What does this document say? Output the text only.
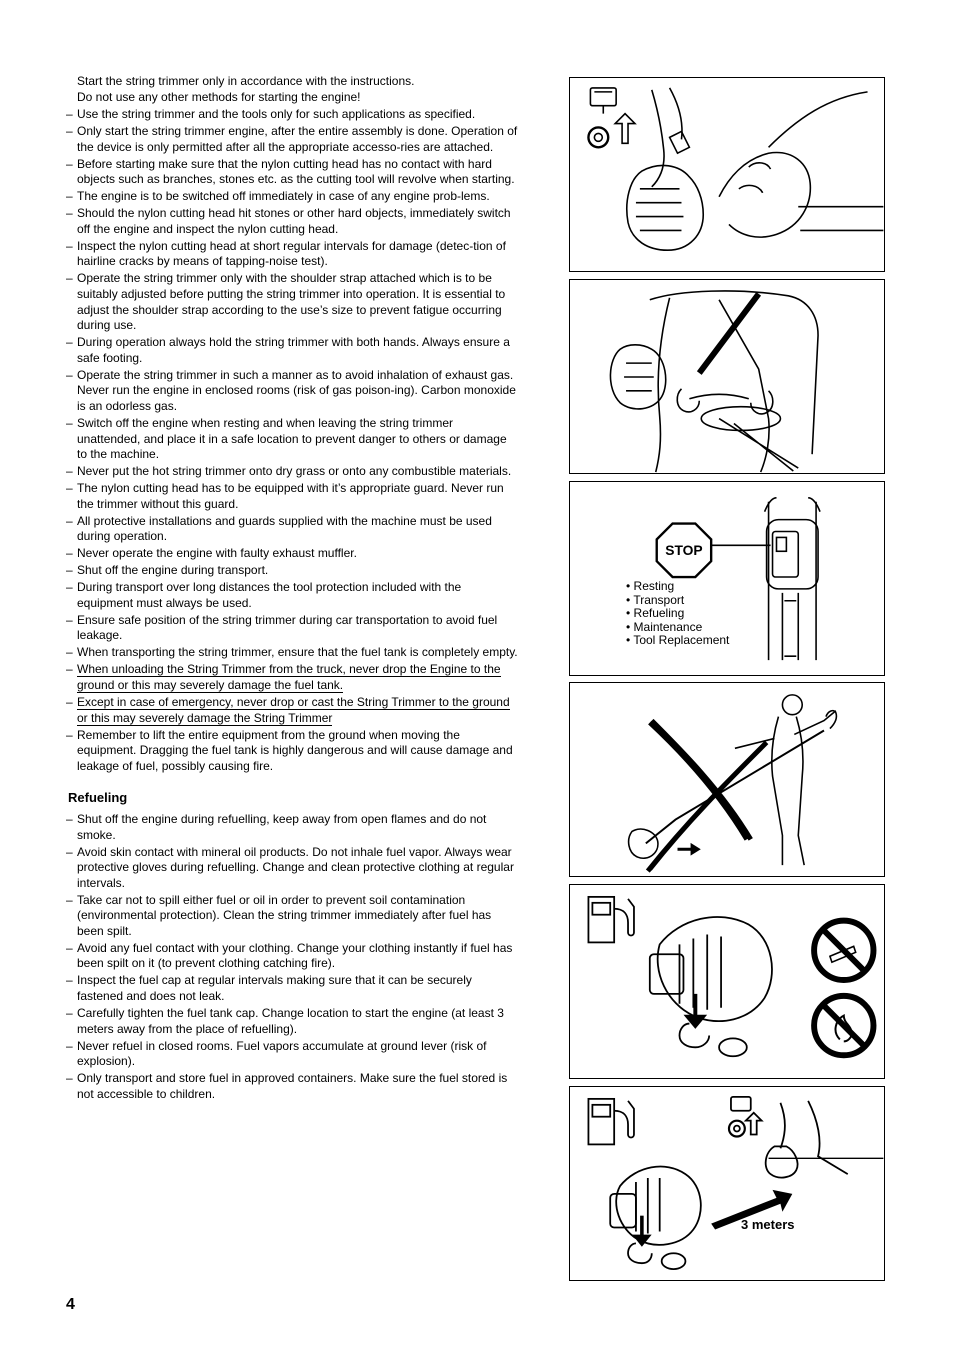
Start the string trimmer only in accordance with the instructions.
Do not use any other methods for starting the engine!
– Use the string trimmer and the tools only for such applications as specified.
– Only start the string trimmer engine, after the entire assembly is done. Operation of the device is only permitted after all the appropriate accesso-ries are attached.
– Before starting make sure that the nylon cutting head has no contact with hard objects such as branches, stones etc. as the cutting tool will revolve when starting.
– The engine is to be switched off immediately in case of any engine prob-lems.
– Should the nylon cutting head hit stones or other hard objects, immediately switch off the engine and inspect the nylon cutting head.
– Inspect the nylon cutting head at short regular intervals for damage (detec-tion of hairline cracks by means of tapping-noise test).
– Operate the string trimmer only with the shoulder strap attached which is to be suitably adjusted before putting the string trimmer into operation. It is essential to adjust the shoulder strap according to the use’s size to prevent fatigue occurring during use.
– During operation always hold the string trimmer with both hands. Always ensure a safe footing.
– Operate the string trimmer in such a manner as to avoid inhalation of exhaust gas. Never run the engine in enclosed rooms (risk of gas poison-ing). Carbon monoxide is an odorless gas.
– Switch off the engine when resting and when leaving the string trimmer unattended, and place it in a safe location to prevent danger to others or damage to the machine.
– Never put the hot string trimmer onto dry grass or onto any combustible materials.
– The nylon cutting head has to be equipped with it’s appropriate guard. Never run the trimmer without this guard.
– All protective installations and guards supplied with the machine must be used during operation.
– Never operate the engine with faulty exhaust muffler.
– Shut off the engine during transport.
– During transport over long distances the tool protection included with the equipment must always be used.
– Ensure safe position of the string trimmer during car transportation to avoid fuel leakage.
– When transporting the string trimmer, ensure that the fuel tank is completely empty.
– When unloading the String Trimmer from the truck, never drop the Engine to the ground or this may severely damage the fuel tank.
– Except in case of emergency, never drop or cast the String Trimmer to the ground or this may severely damage the String Trimmer
– Remember to lift the entire equipment from the ground when moving the equipment. Dragging the fuel tank is highly dangerous and will cause damage and leakage of fuel, possibly causing fire.
Refueling
– Shut off the engine during refuelling, keep away from open flames and do not smoke.
– Avoid skin contact with mineral oil products. Do not inhale fuel vapor. Always wear protective gloves during refuelling. Change and clean protective clothing at regular intervals.
– Take car not to spill either fuel or oil in order to prevent soil contamination (environmental protection). Clean the string trimmer immediately after fuel has been spilt.
– Avoid any fuel contact with your clothing. Change your clothing instantly if fuel has been spilt on it (to prevent clothing catching fire).
– Inspect the fuel cap at regular intervals making sure that it can be securely fastened and does not leak.
– Carefully tighten the fuel tank cap. Change location to start the engine (at least 3 meters away from the place of refuelling).
– Never refuel in closed rooms. Fuel vapors accumulate at ground lever (risk of explosion).
– Only transport and store fuel in approved containers. Make sure the fuel stored is not accessible to children.
4
STOP
• Resting
• Transport
• Refueling
• Maintenance
• Tool Replacement
3 meters
